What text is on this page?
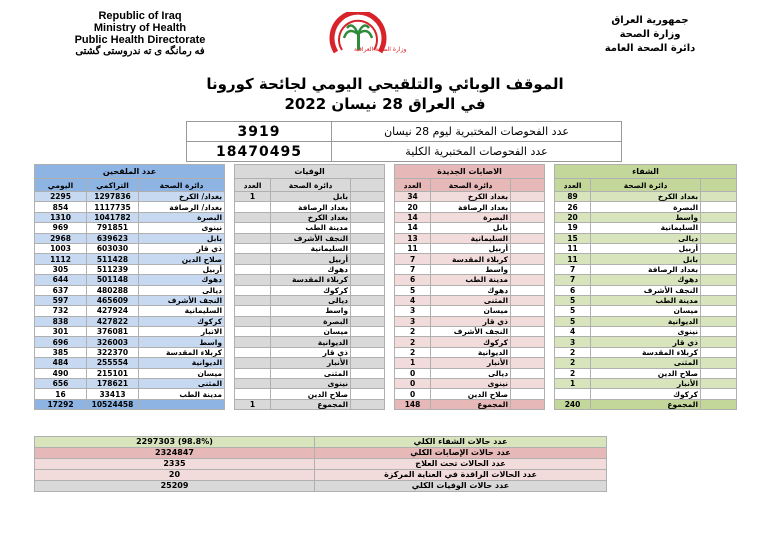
Republic of Iraq
Ministry of Health
Public Health Directorate
فه رمانگه ی ته ندروستی گشتی	وزارة الصحة العراقية
جمهورية العراق
وزارة الصحة
دائرة الصحة العامة
الموقف الوبائي والتلقيحي اليومي لجائحة كورونا
في العراق 28 نيسان 2022
3919	عدد الفحوصات المختبرية ليوم 28 نيسان
18470495	عدد الفحوصات المختبرية الكلية
عدد الملقحين				الوفيات				الاصابات الجديدة				الشفاء		
اليومي	التراكمي	دائرة الصحة		العدد	دائرة الصحة			العدد	دائرة الصحة			العدد	دائرة الصحة	
2295	1297836	بغداد/ الكرخ		1	بابل			34	بغداد الكرخ			89	بغداد الكرخ	
854	1117735	بغداد/ الرصافة			بغداد الرصافة			20	بغداد الرصافة			26	البصرة	
1310	1041782	البصرة			بغداد الكرخ			14	البصرة			20	واسط	
969	791851	نينوى			مدينة الطب			14	بابل			19	السليمانية	
2968	639623	بابل			النجف الأشرف			13	السليمانية			15	ديالى	
1003	603030	ذي قار			السليمانية			11	أربيل			11	أربيل	
1112	511428	صلاح الدين			أربيل			7	كربلاء المقدسة			11	بابل	
305	511239	أربيل			دهوك			7	واسط			7	بغداد الرصافة	
644	501148	دهوك			كربلاء المقدسة			6	مدينة الطب			7	دهوك	
637	480288	ديالى			كركوك			5	دهوك			6	النجف الأشرف	
597	465609	النجف الأشرف			ديالى			4	المثنى			5	مدينة الطب	
732	427924	السليمانية			واسط			3	ميسان			5	ميسان	
838	427822	كركوك			البصرة			3	ذي قار			5	الديوانية	
301	376081	الانبار			ميسان			2	النجف الأشرف			4	نينوى	
696	326003	واسط			الديوانية			2	كركوك			3	ذي قار	
385	322370	كربلاء المقدسة			ذي قار			2	الديوانية			2	كربلاء المقدسة	
484	255554	الديوانية			الأنبار			1	الأنبار			2	المثنى	
490	215101	ميسان			المثنى			0	ديالى			2	صلاح الدين	
656	178621	المثنى			نينوى			0	نينوى			1	الأنبار	
16	33413	مدينة الطب			صلاح الدين			0	صلاح الدين				كركوك	
17292	10524458			1	المجموع			148	المجموع			240	المجموع	
2297303 (98.8%)	عدد حالات الشفاء الكلي
2324847	عدد حالات الإصابات الكلي
2335	عدد الحالات تحت العلاج
20	عدد الحالات الراقدة في العناية المركزة
25209	عدد حالات الوفيات الكلي
